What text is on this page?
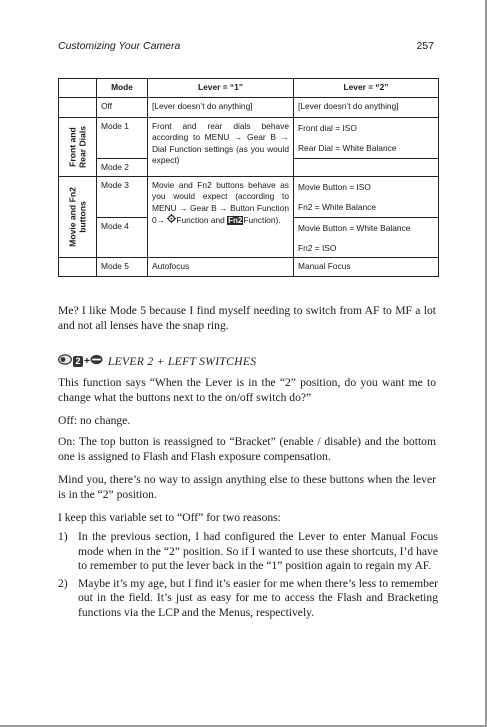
Customizing Your Camera	257
	Mode	Lever = “1”	Lever = “2”
	Off	[Lever doesn’t do anything]	[Lever doesn’t do anything]

Front and Rear Dials	Mode 1	Front and rear dials behave according to MENU → Gear B → Dial Function settings (as you would expect)	Front dial = ISO
Rear Dial = White Balance

	Mode 2		

Movie and Fn2 buttons	Mode 3	Movie and Fn2 buttons behave as you would expect (according to MENU → Gear B → Button Function 0→ Function and Fn2Function).	Movie Button = ISO
Fn2 = White Balance

	Mode 4		Movie Button = White Balance
Fn2 = ISO

	Mode 5	Autofocus	Manual Focus

Me? I like Mode 5 because I find myself needing to switch from AF to MF a lot and not all lenses have the snap ring.

2 + LEVER 2 + LEFT SWITCHES

This function says “When the Lever is in the “2” position, do you want me to change what the buttons next to the on/off switch do?”

Off: no change.

On: The top button is reassigned to “Bracket” (enable / disable) and the bottom one is assigned to Flash and Flash exposure compensation.

Mind you, there’s no way to assign anything else to these buttons when the lever is in the “2” position.

I keep this variable set to “Off” for two reasons:

1) In the previous section, I had configured the Lever to enter Manual Focus mode when in the “2” position. So if I wanted to use these shortcuts, I’d have to remember to put the lever back in the “1” position again to regain my AF.
2) Maybe it’s my age, but I find it’s easier for me when there’s less to remember out in the field. It’s just as easy for me to access the Flash and Bracketing functions via the LCP and the Menus, respectively.
